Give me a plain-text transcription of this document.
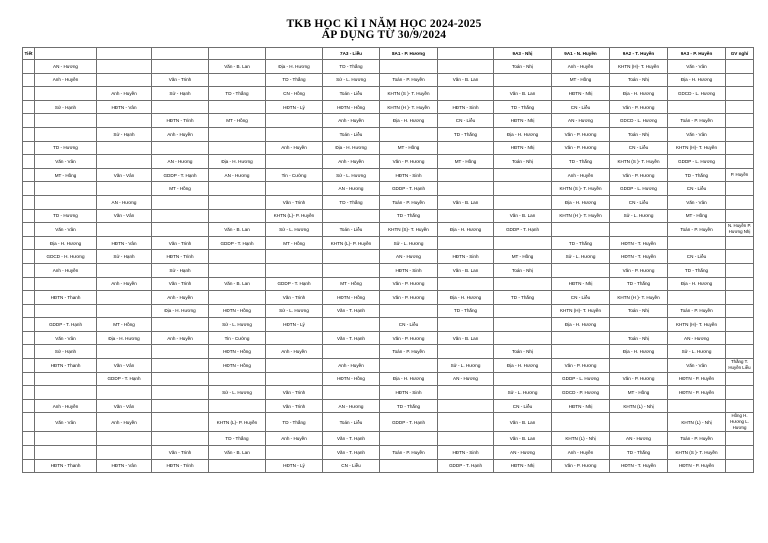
TKB HỌC KÌ I NĂM HỌC 2024-2025
ÁP DỤNG TỪ 30/9/2024
Tiết						7A3 - Liễu	8A1 - P. Hương		9A3 - Nhị	9A1 - N. Huyền	9A2 - T. Huyền	9A3 - P. Huyền	GV nghỉ
	AN - Hương			Văn - B. Lan	Địa - H. Hương	TD - Thắng			Toán - Nhị	Anh - Huyền	KHTN (H)- T. Huyền	Văn - Vân	
	Anh - Huyền		Văn - Trinh		TD - Thắng	Sử - L. Hương	Toán - P. Huyền	Văn - B. Lan		MT - Hồng	Toán - Nhị	Địa - H. Hương	
		Anh - Huyền	Sử - Hạnh	TD - Thắng	CN - Hồng	Toán - Liễu	KHTN (S )- T. Huyền		Văn - B. Lan	HĐTN - Nhị	Địa - H. Hương	GDCD - L. Hương	
	Sử - Hạnh	HĐTN - Vân			HĐTN - Lý	HĐTN - Hồng	KHTN (H )- T. Huyền	HĐTN - Sinh	TD - Thắng	CN - Liễu	Văn - P. Hương		
			HĐTN - Trinh	MT - Hồng		Anh - Huyền	Địa - H. Hương	CN - Liễu	HĐTN - Nhị	AN - Hương	GDCD - L. Hương	Toán - P. Huyền	
		Sử - Hạnh	Anh - Huyền			Toán - Liễu		TD - Thắng	Địa - H. Hương	Văn - P. Hương	Toán - Nhị	Văn - Vân	
	TD - Hương				Anh - Huyền	Địa - H. Hương	MT - Hồng		HĐTN - Nhị	Văn - P. Hương	CN - Liễu	KHTN (H)- T. Huyền	
	Văn - Vân		AN - Hương	Địa - H. Hương		Anh - Huyền	Văn - P. Hương	MT - Hồng	Toán - Nhị	TD - Thắng	KHTN (S )- T. Huyền	GDDP - L. Hương	
	MT - Hồng	Văn - Vân	GDDP - T. Hạnh	AN - Hương	Tin - Cường	Sử - L. Hương	HĐTN - Sinh			Anh - Huyền	Văn - P. Hương	TD - Thắng	P. Huyền
			MT - Hồng			AN - Hương	GDDP - T. Hạnh			KHTN (S )- T. Huyền	GDDP - L. Hương	CN - Liễu	
		AN - Hương			Văn - Trinh	TD - Thắng	Toán - P. Huyền	Văn - B. Lan		Địa - H. Hương	CN - Liễu	Văn - Vân	
	TD - Hương	Văn - Vân			KHTN (L)- P. Huyền		TD - Thắng		Văn - B. Lan	KHTN (H )- T. Huyền	Sử - L. Hương	MT - Hồng	
	Văn - Vân			Văn - B. Lan	Sử - L. Hương	Toán - Liễu	KHTN (S)- T. Huyền	Địa - H. Hương	GDDP - T. Hạnh			Toán - P. Huyền	N. Huyền P. Hương Nhị
	Địa - H. Hương	HĐTN - Vân	Văn - Trinh	GDDP - T. Hạnh	MT - Hồng	KHTN (L)- P. Huyền	Sử - L. Hương			TD - Thắng	HĐTN - T. Huyền		
	GDCD - H. Hương	Sử - Hạnh	HĐTN - Trinh				AN - Hương	HĐTN - Sinh	MT - Hồng	Sử - L. Hương	HĐTN - T. Huyền	CN - Liễu	
	Anh - Huyền		Sử - Hạnh				HĐTN - Sinh	Văn - B. Lan	Toán - Nhị		Văn - P. Hương	TD - Thắng	
		Anh - Huyền	Văn - Trinh	Văn - B. Lan	GDDP - T. Hạnh	MT - Hồng	Văn - P. Hương			HĐTN - Nhị	TD - Thắng	Địa - H. Hương	
	HĐTN - Thanh		Anh - Huyền		Văn - Trinh	HĐTN - Hồng	Văn - P. Hương	Địa - H. Hương	TD - Thắng	CN - Liễu	KHTN (H )- T. Huyền		
			Địa - H. Hương	HĐTN - Hồng	Sử - L. Hương	Văn - T. Hạnh		TD - Thắng		KHTN (H)- T. Huyền	Toán - Nhị	Toán - P. Huyền	
	GDDP - T. Hạnh	MT - Hồng		Sử - L. Hương	HĐTN - Lý		CN - Liễu			Địa - H. Hương		KHTN (H)- T. Huyền	
	Văn - Vân	Địa - H. Hương	Anh - Huyền	Tin - Cường		Văn - T. Hạnh	Văn - P. Hương	Văn - B. Lan			Toán - Nhị	AN - Hương	
	Sử - Hạnh			HĐTN - Hồng	Anh - Huyền		Toán - P. Huyền		Toán - Nhị		Địa - H. Hương	Sử - L. Hương	
	HĐTN - Thanh	Văn - Vân		HĐTN - Hồng		Anh - Huyền		Sử - L. Hương	Địa - H. Hương	Văn - P. Hương		Văn - Vân	Thắng T. Huyền Liễu
		GDDP - T. Hạnh				HĐTN - Hồng	Địa - H. Hương	AN - Hương		GDDP - L. Hương	Văn - P. Hương	HĐTN - P. Huyền	
				Sử - L. Hương	Văn - Trinh		HĐTN - Sinh		Sử - L. Hương	GDCD - P. Hương	MT - Hồng	HĐTN - P. Huyền	
	Anh - Huyền	Văn - Vân			Văn - Trinh	AN - Hương	TD - Thắng		CN - Liễu	HĐTN - Nhị	KHTN (L) - Nhị		
	Văn - Vân	Anh - Huyền		KHTN (L)- P. Huyền	TD - Thắng	Toán - Liễu	GDDP - T. Hạnh		Văn - B. Lan			KHTN (L) - Nhị	Hồng H. Hương L. Hương
				TD - Thắng	Anh - Huyền	Văn - T. Hạnh			Văn - B. Lan	KHTN (L) - Nhị	AN - Hương	Toán - P. Huyền	
			Văn - Trinh	Văn - B. Lan		Văn - T. Hạnh	Toán - P. Huyền	HĐTN - Sinh	AN - Hương	Anh - Huyền	TD - Thắng	KHTN (S )- T. Huyền	
	HĐTN - Thanh	HĐTN - Vân	HĐTN - Trinh		HĐTN - Lý	CN - Liễu		GDDP - T. Hạnh	HĐTN - Nhị	Văn - P. Hương	HĐTN - T. Huyền	HĐTN - P. Huyền	
